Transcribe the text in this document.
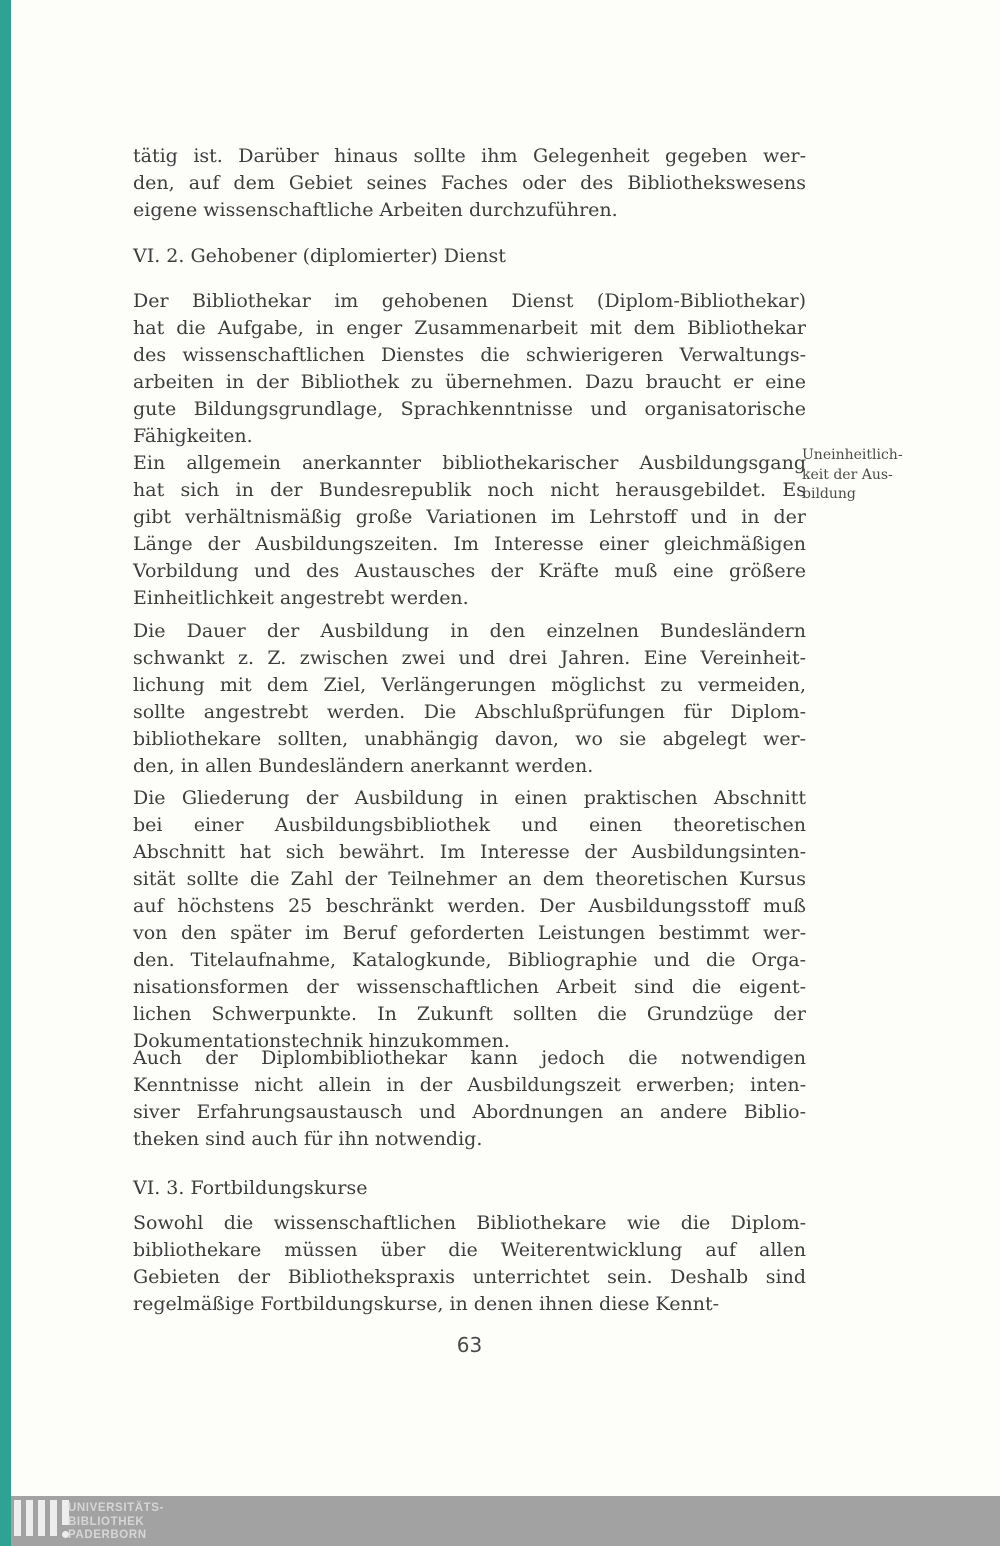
tätig ist. Darüber hinaus sollte ihm Gelegenheit gegeben wer-
den, auf dem Gebiet seines Faches oder des Bibliothekswesens
eigene wissenschaftliche Arbeiten durchzuführen.
VI. 2. Gehobener (diplomierter) Dienst
Der Bibliothekar im gehobenen Dienst (Diplom-Bibliothekar)
hat die Aufgabe, in enger Zusammenarbeit mit dem Bibliothekar
des wissenschaftlichen Dienstes die schwierigeren Verwaltungs-
arbeiten in der Bibliothek zu übernehmen. Dazu braucht er eine
gute Bildungsgrundlage, Sprachkenntnisse und organisatorische
Fähigkeiten.
Ein allgemein anerkannter bibliothekarischer Ausbildungsgang
hat sich in der Bundesrepublik noch nicht herausgebildet. Es
gibt verhältnismäßig große Variationen im Lehrstoff und in der
Länge der Ausbildungszeiten. Im Interesse einer gleichmäßigen
Vorbildung und des Austausches der Kräfte muß eine größere
Einheitlichkeit angestrebt werden.
Uneinheitlich-
keit der Aus-
bildung
Die Dauer der Ausbildung in den einzelnen Bundesländern
schwankt z. Z. zwischen zwei und drei Jahren. Eine Vereinheit-
lichung mit dem Ziel, Verlängerungen möglichst zu vermeiden,
sollte angestrebt werden. Die Abschlußprüfungen für Diplom-
bibliothekare sollten, unabhängig davon, wo sie abgelegt wer-
den, in allen Bundesländern anerkannt werden.
Die Gliederung der Ausbildung in einen praktischen Abschnitt
bei einer Ausbildungsbibliothek und einen theoretischen
Abschnitt hat sich bewährt. Im Interesse der Ausbildungsinten-
sität sollte die Zahl der Teilnehmer an dem theoretischen Kursus
auf höchstens 25 beschränkt werden. Der Ausbildungsstoff muß
von den später im Beruf geforderten Leistungen bestimmt wer-
den. Titelaufnahme, Katalogkunde, Bibliographie und die Orga-
nisationsformen der wissenschaftlichen Arbeit sind die eigent-
lichen Schwerpunkte. In Zukunft sollten die Grundzüge der
Dokumentationstechnik hinzukommen.
Auch der Diplombibliothekar kann jedoch die notwendigen
Kenntnisse nicht allein in der Ausbildungszeit erwerben; inten-
siver Erfahrungsaustausch und Abordnungen an andere Biblio-
theken sind auch für ihn notwendig.
VI. 3. Fortbildungskurse
Sowohl die wissenschaftlichen Bibliothekare wie die Diplom-
bibliothekare müssen über die Weiterentwicklung auf allen
Gebieten der Bibliothekspraxis unterrichtet sein. Deshalb sind
regelmäßige Fortbildungskurse, in denen ihnen diese Kennt-
63
UNIVERSITÄTS-
BIBLIOTHEK
PADERBORN
